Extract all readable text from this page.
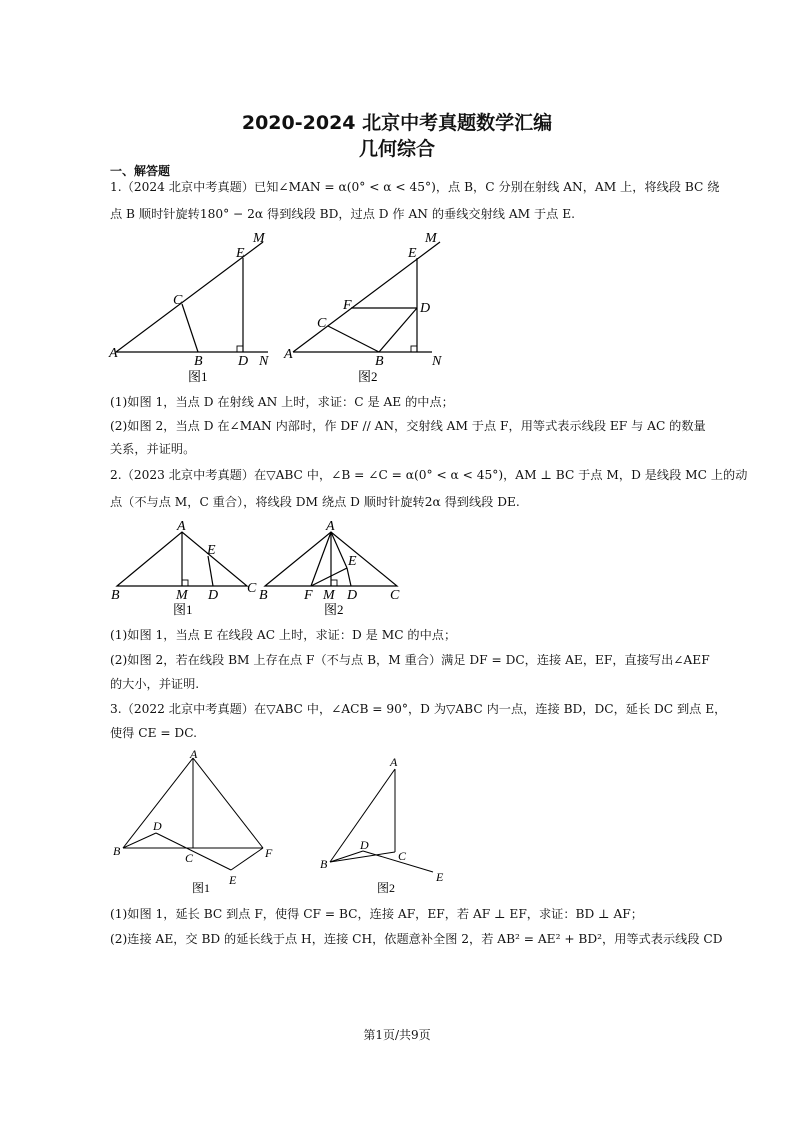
2020-2024 北京中考真题数学汇编
几何综合
一、解答题
1.（2024 北京中考真题）已知∠MAN = α(0° < α < 45°)，点 B，C 分别在射线 AN，AM 上，将线段 BC 绕
点 B 顺时针旋转180° − 2α 得到线段 BD，过点 D 作 AN 的垂线交射线 AM 于点 E.
M
E
C
A
B	D N
图1
M
E
F	D
C
A	B	N
图2
(1)如图 1，当点 D 在射线 AN 上时，求证：C 是 AE 的中点；
(2)如图 2，当点 D 在∠MAN 内部时，作 DF // AN，交射线 AM 于点 F，用等式表示线段 EF 与 AC 的数量
关系，并证明。
2.（2023 北京中考真题）在▽ABC 中，∠B = ∠C = α(0° < α < 45°)，AM ⊥ BC 于点 M，D 是线段 MC 上的动
点（不与点 M，C 重合），将线段 DM 绕点 D 顺时针旋转2α 得到线段 DE.
A
E
B	M D C
图1
A
E
B	F M D C
图2
(1)如图 1，当点 E 在线段 AC 上时，求证：D 是 MC 的中点；
(2)如图 2，若在线段 BM 上存在点 F（不与点 B，M 重合）满足 DF = DC，连接 AE，EF，直接写出∠AEF
的大小，并证明.
3.（2022 北京中考真题）在▽ABC 中，∠ACB = 90°，D 为▽ABC 内一点，连接 BD，DC，延长 DC 到点 E，
使得 CE = DC.
A
D
B	C	F
E
图1
A
D
B
C
E
图2
(1)如图 1，延长 BC 到点 F，使得 CF = BC，连接 AF，EF，若 AF ⊥ EF，求证：BD ⊥ AF；
(2)连接 AE，交 BD 的延长线于点 H，连接 CH，依题意补全图 2，若 AB² = AE² + BD²，用等式表示线段 CD
第1页/共9页
